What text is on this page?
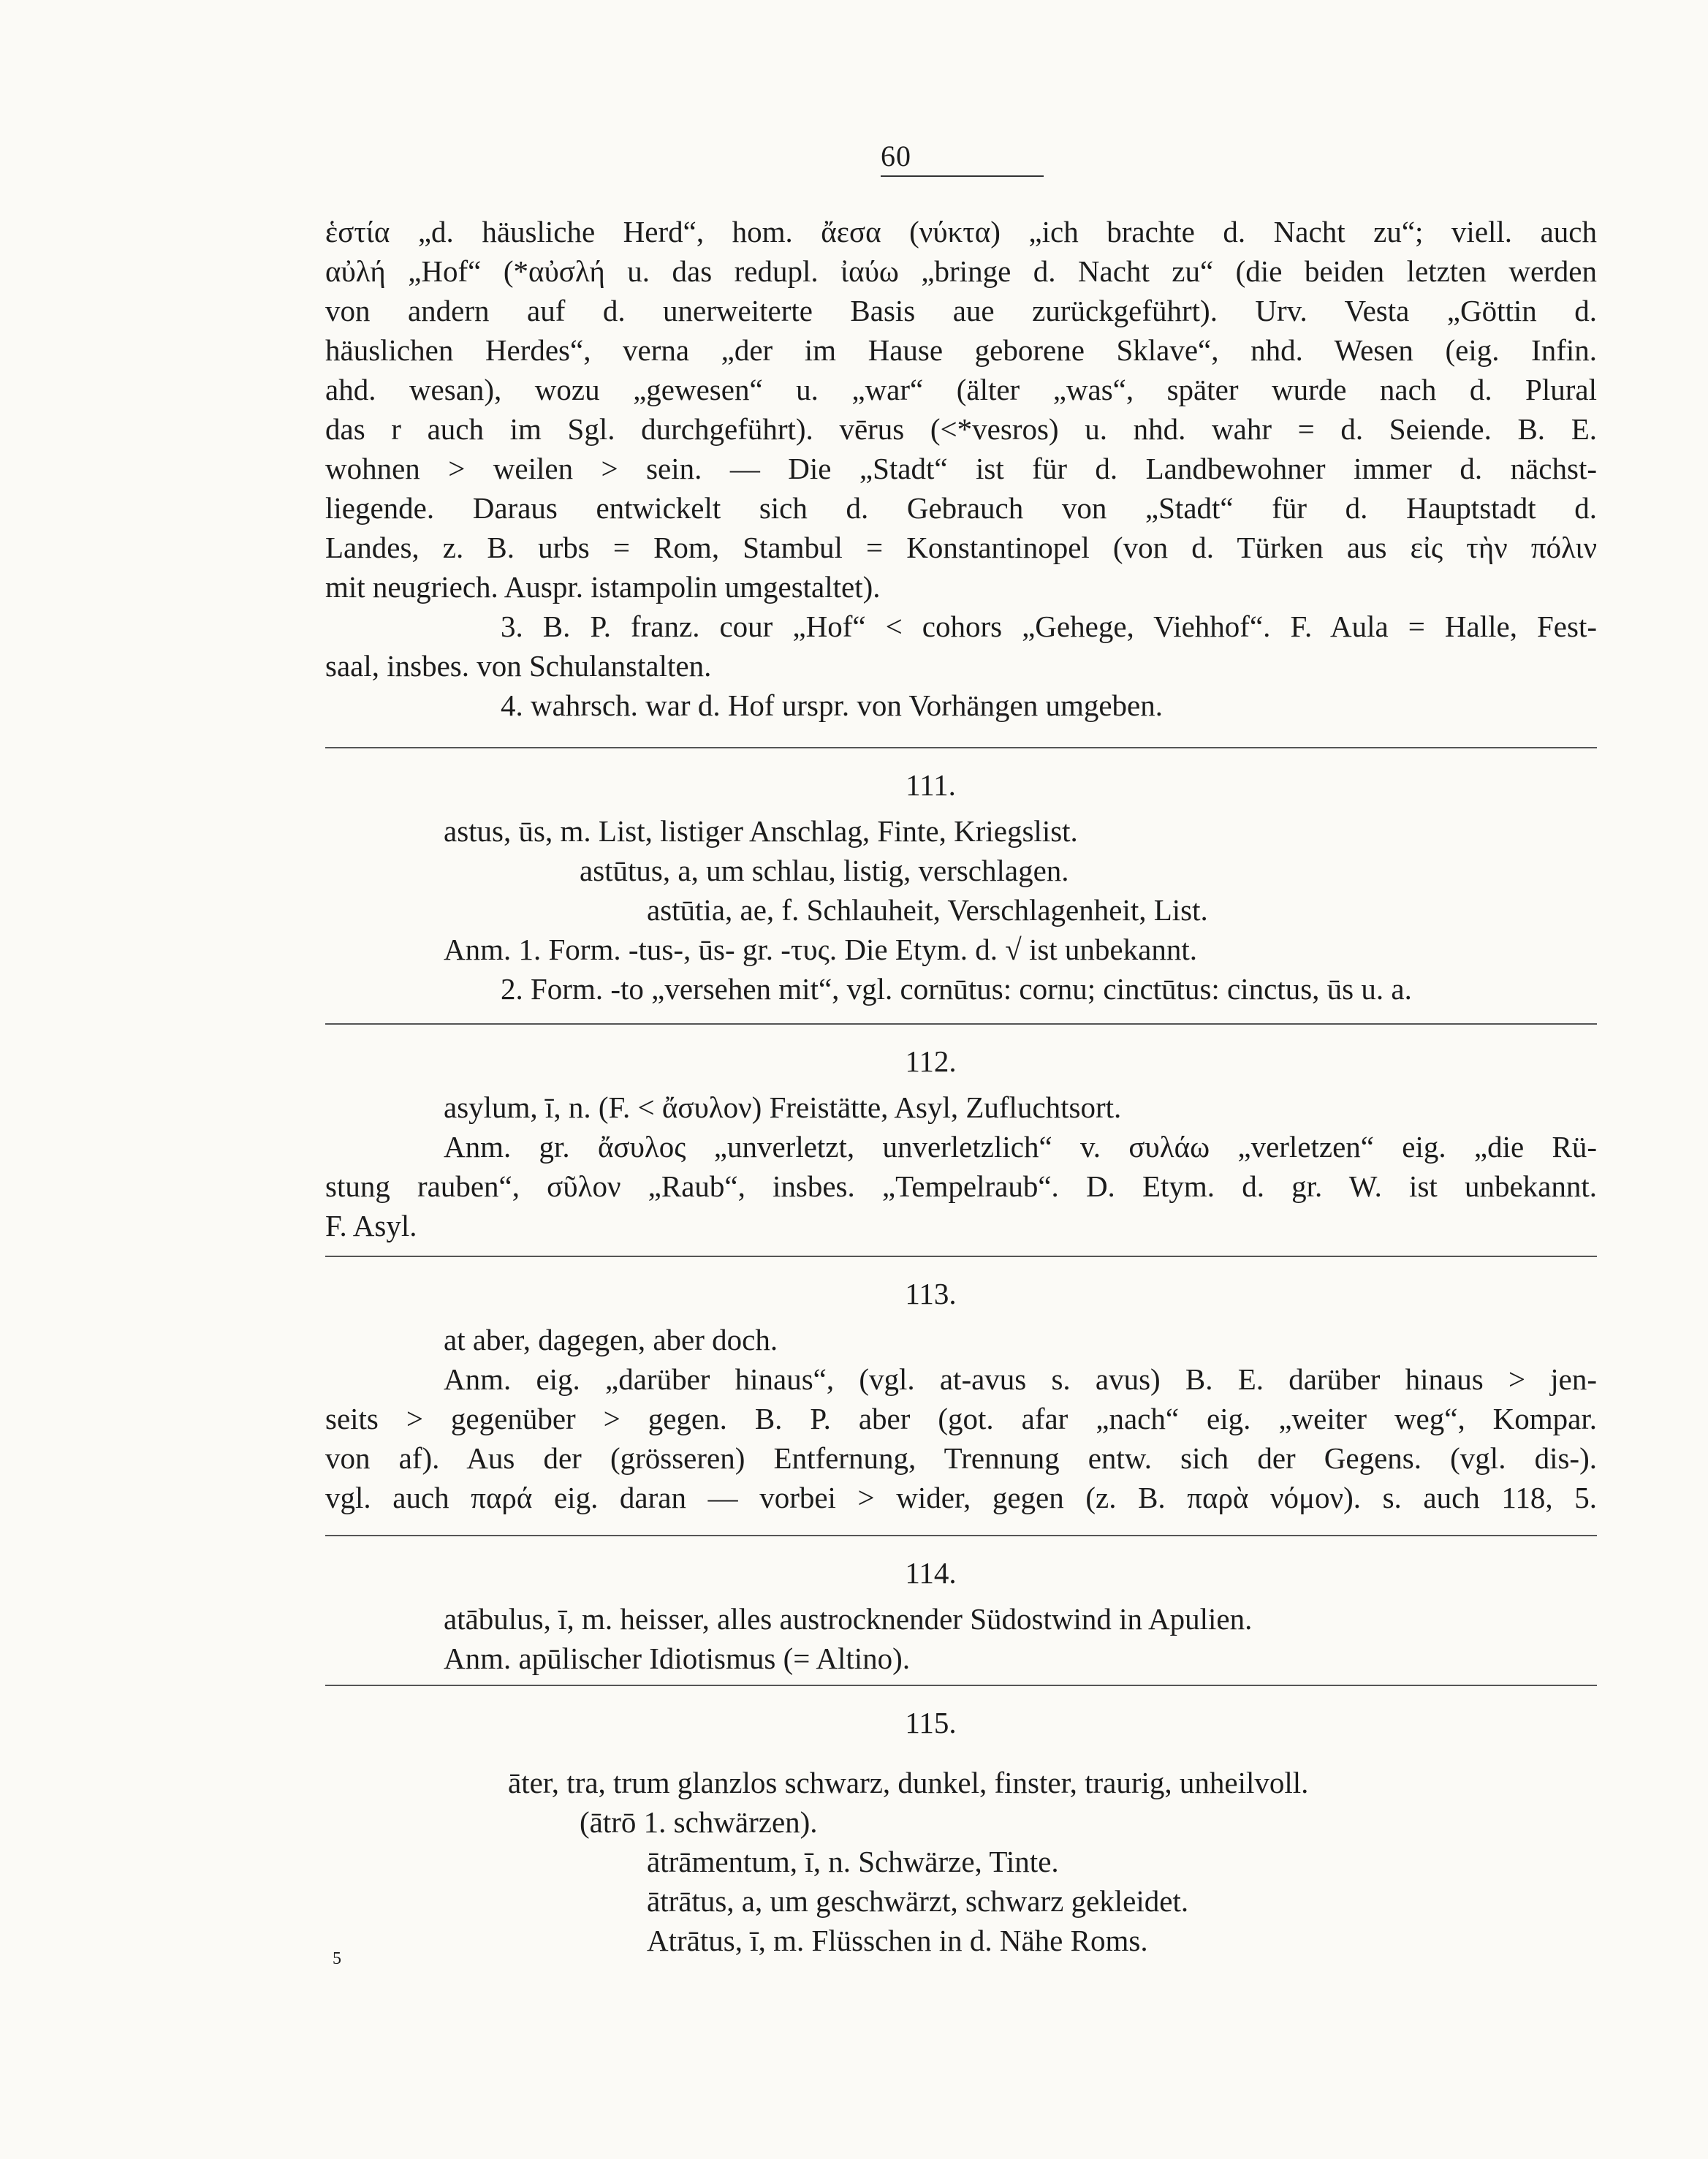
60
ἑστία „d. häusliche Herd“, hom. ἄεσα (νύκτα) „ich brachte d. Nacht zu“; viell. auch
αὐλή „Hof“ (*αὐσλή u. das redupl. ἰαύω „bringe d. Nacht zu“ (die beiden letzten werden
von andern auf d. unerweiterte Basis aue zurückgeführt). Urv. Vesta „Göttin d.
häuslichen Herdes“, verna „der im Hause geborene Sklave“, nhd. Wesen (eig. Infin.
ahd. wesan), wozu „gewesen“ u. „war“ (älter „was“, später wurde nach d. Plural
das r auch im Sgl. durchgeführt). vērus (<*vesros) u. nhd. wahr = d. Seiende. B. E.
wohnen > weilen > sein. — Die „Stadt“ ist für d. Landbewohner immer d. nächst-
liegende. Daraus entwickelt sich d. Gebrauch von „Stadt“ für d. Hauptstadt d.
Landes, z. B. urbs = Rom, Stambul = Konstantinopel (von d. Türken aus εἰς τὴν πόλιν
mit neugriech. Auspr. istampolin umgestaltet).
3. B. P. franz. cour „Hof“ < cohors „Gehege, Viehhof“. F. Aula = Halle, Fest-
saal, insbes. von Schulanstalten.
4. wahrsch. war d. Hof urspr. von Vorhängen umgeben.
111.
astus, ūs, m. List, listiger Anschlag, Finte, Kriegslist.
astūtus, a, um schlau, listig, verschlagen.
astūtia, ae, f. Schlauheit, Verschlagenheit, List.
Anm. 1. Form. -tus-, ūs- gr. -τυς. Die Etym. d. √ ist unbekannt.
2. Form. -to „versehen mit“, vgl. cornūtus: cornu; cinctūtus: cinctus, ūs u. a.
112.
asylum, ī, n. (F. < ἄσυλον) Freistätte, Asyl, Zufluchtsort.
Anm. gr. ἄσυλος „unverletzt, unverletzlich“ v. συλάω „verletzen“ eig. „die Rü-
stung rauben“, σῦλον „Raub“, insbes. „Tempelraub“. D. Etym. d. gr. W. ist unbekannt.
F. Asyl.
113.
at aber, dagegen, aber doch.
Anm. eig. „darüber hinaus“, (vgl. at-avus s. avus) B. E. darüber hinaus > jen-
seits > gegenüber > gegen. B. P. aber (got. afar „nach“ eig. „weiter weg“, Kompar.
von af). Aus der (grösseren) Entfernung, Trennung entw. sich der Gegens. (vgl. dis-).
vgl. auch παρά eig. daran — vorbei > wider, gegen (z. B. παρὰ νόμον). s. auch 118, 5.
114.
atābulus, ī, m. heisser, alles austrocknender Südostwind in Apulien.
Anm. apūlischer Idiotismus (= Altino).
115.
āter, tra, trum glanzlos schwarz, dunkel, finster, traurig, unheilvoll.
(ātrō 1. schwärzen).
ātrāmentum, ī, n. Schwärze, Tinte.
ātrātus, a, um geschwärzt, schwarz gekleidet.
Atrātus, ī, m. Flüsschen in d. Nähe Roms.
5
